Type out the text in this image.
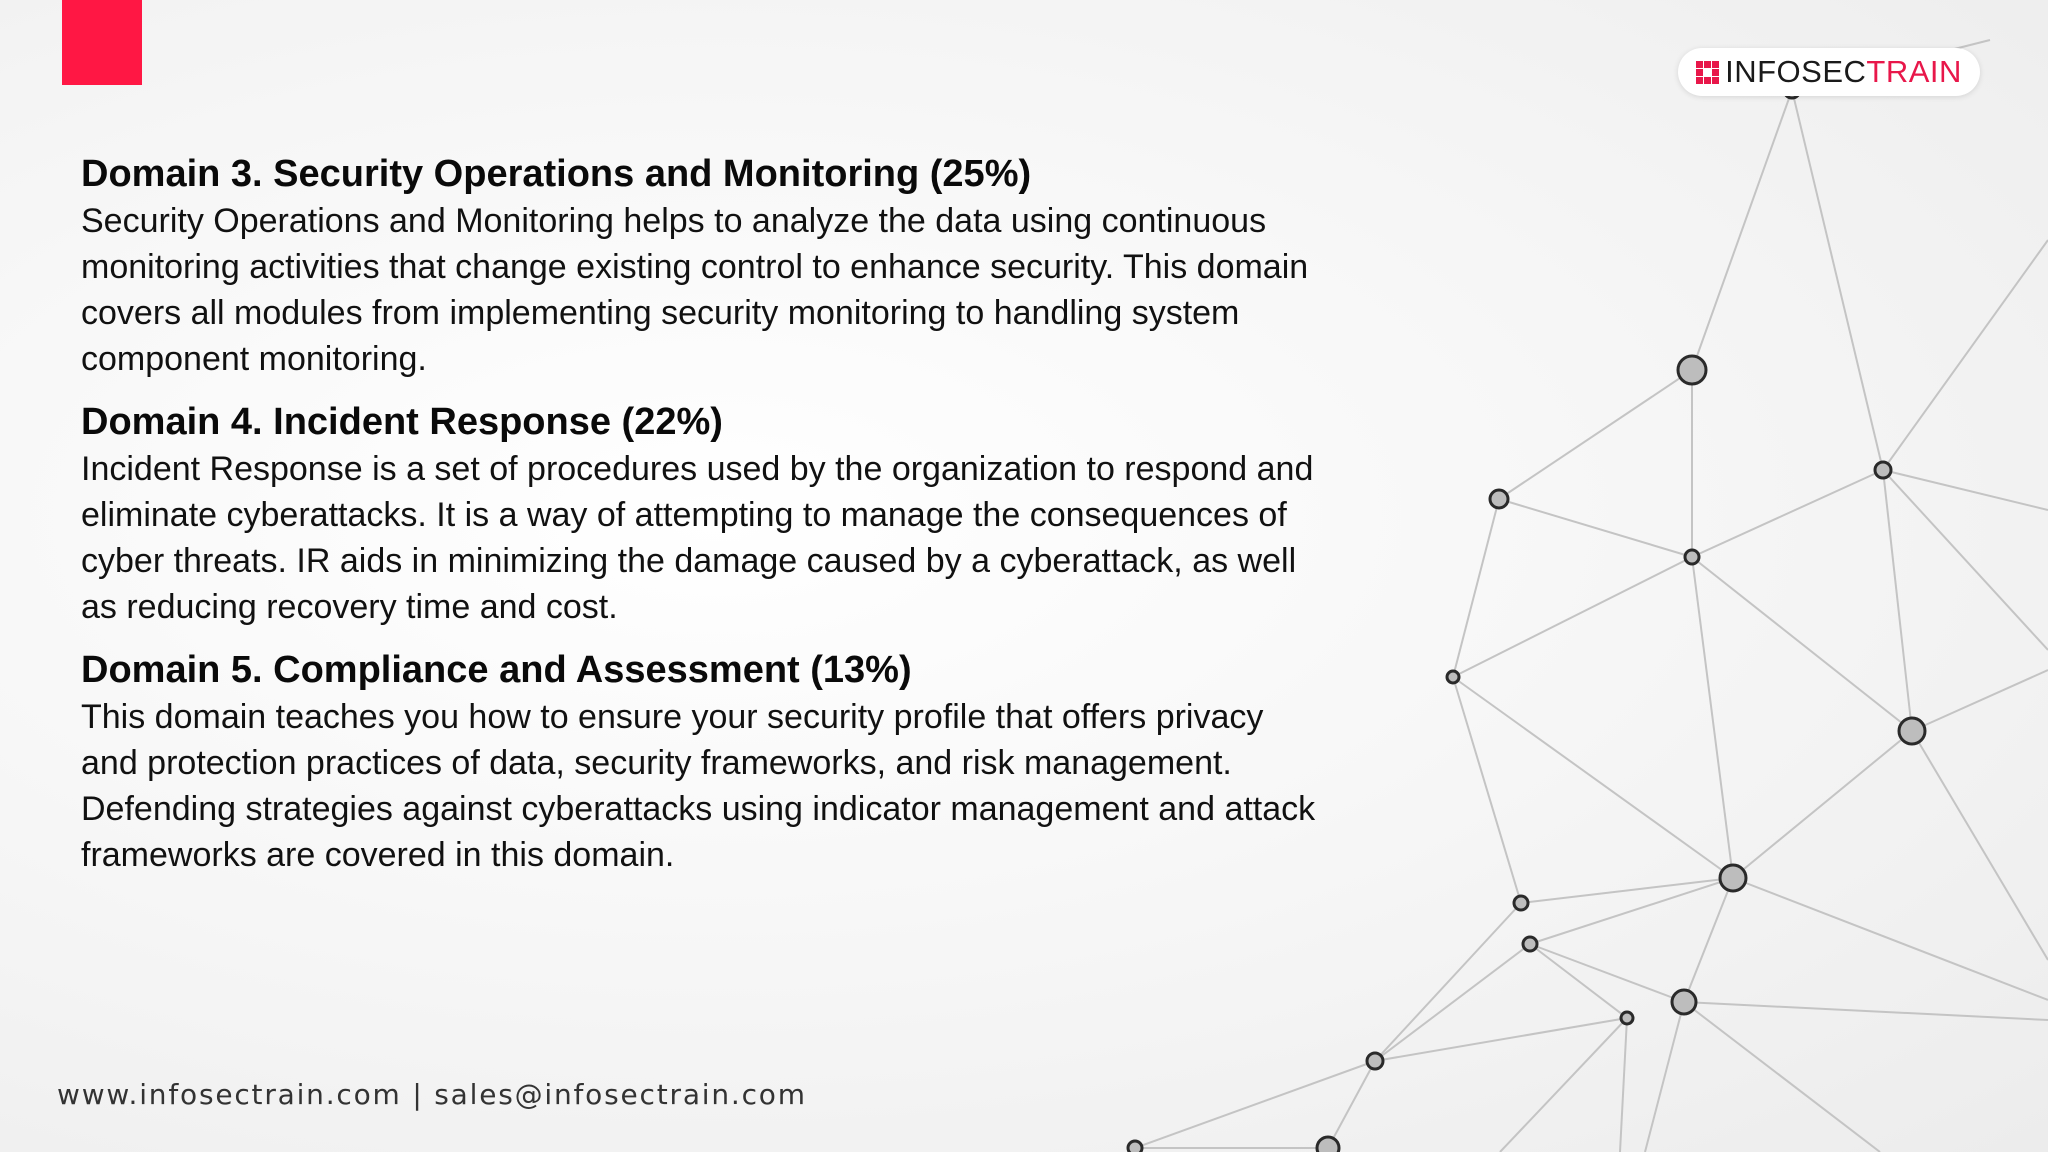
INFOSECTRAIN
Domain 3. Security Operations and Monitoring (25%)

Security Operations and Monitoring helps to analyze the data using continuous monitoring activities that change existing control to enhance security. This domain covers all modules from implementing security monitoring to handling system component monitoring.

Domain 4. Incident Response (22%)

Incident Response is a set of procedures used by the organization to respond and eliminate cyberattacks. It is a way of attempting to manage the consequences of cyber threats. IR aids in minimizing the damage caused by a cyberattack, as well as reducing recovery time and cost.

Domain 5. Compliance and Assessment (13%)

This domain teaches you how to ensure your security profile that offers privacy and protection practices of data, security frameworks, and risk management. Defending strategies against cyberattacks using indicator management and attack frameworks are covered in this domain.

www.infosectrain.com | sales@infosectrain.com
